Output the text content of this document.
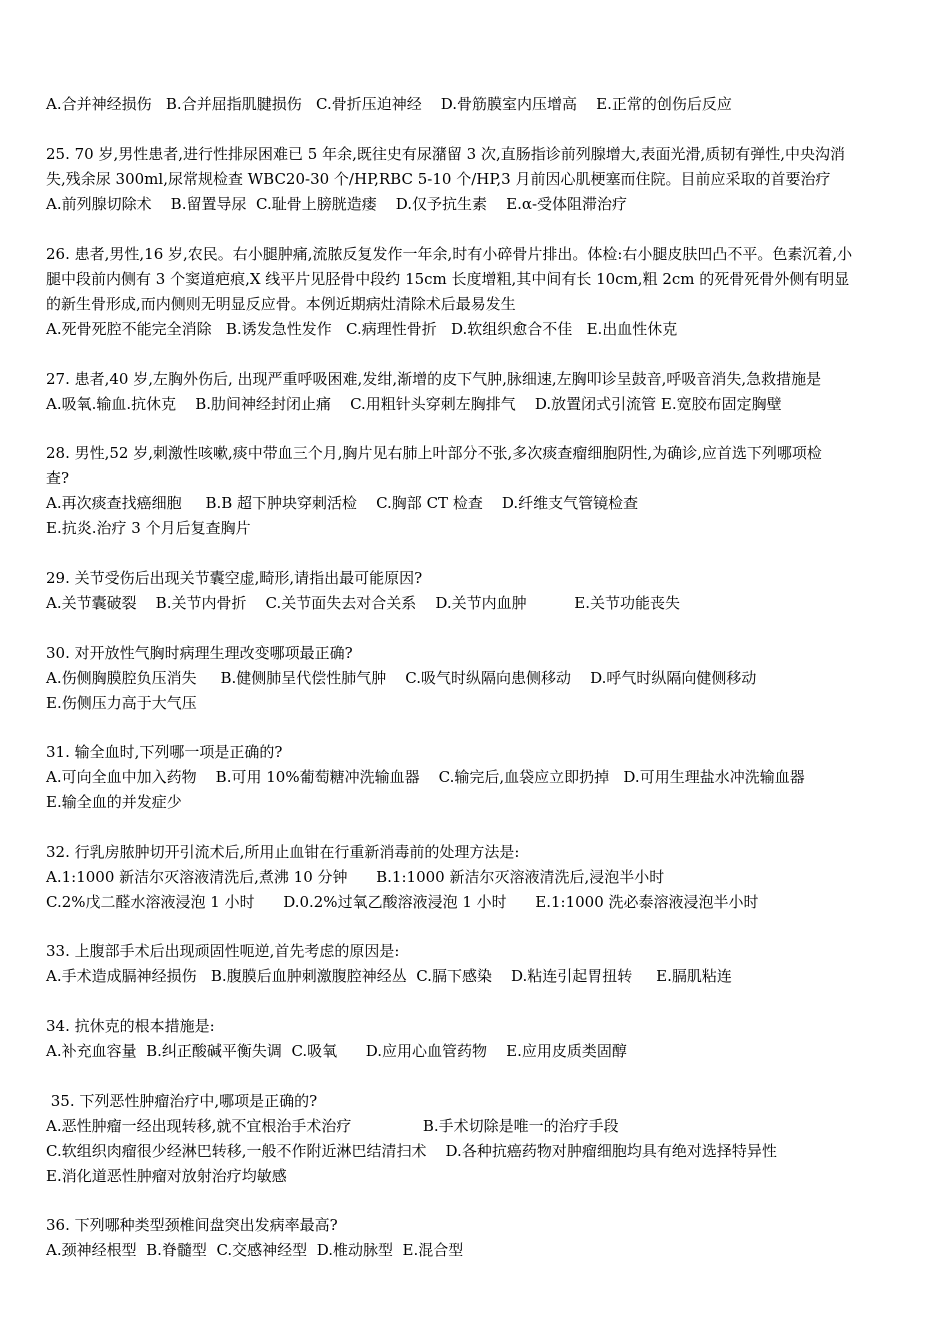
A.合并神经损伤   B.合并屈指肌腱损伤   C.骨折压迫神经    D.骨筋膜室内压增高    E.正常的创伤后反应
25. 70 岁,男性患者,进行性排尿困难已 5 年余,既往史有尿潴留 3 次,直肠指诊前列腺增大,表面光滑,质韧有弹性,中央沟消
失,残余尿 300ml,尿常规检查 WBC20-30 个/HP,RBC 5-10 个/HP,3 月前因心肌梗塞而住院。目前应采取的首要治疗
A.前列腺切除术    B.留置导尿  C.耻骨上膀胱造瘘    D.仅予抗生素    E.α-受体阻滞治疗
26. 患者,男性,16 岁,农民。右小腿肿痛,流脓反复发作一年余,时有小碎骨片排出。体检:右小腿皮肤凹凸不平。色素沉着,小
腿中段前内侧有 3 个窦道疤痕,X 线平片见胫骨中段约 15cm 长度增粗,其中间有长 10cm,粗 2cm 的死骨死骨外侧有明显
的新生骨形成,而内侧则无明显反应骨。本例近期病灶清除术后最易发生
A.死骨死腔不能完全消除   B.诱发急性发作   C.病理性骨折   D.软组织愈合不佳   E.出血性休克
27. 患者,40 岁,左胸外伤后, 出现严重呼吸困难,发绀,渐增的皮下气肿,脉细速,左胸叩诊呈鼓音,呼吸音消失,急救措施是
A.吸氧.输血.抗休克    B.肋间神经封闭止痛    C.用粗针头穿刺左胸排气    D.放置闭式引流管 E.宽胶布固定胸壁
28. 男性,52 岁,刺激性咳嗽,痰中带血三个月,胸片见右肺上叶部分不张,多次痰查瘤细胞阴性,为确诊,应首选下列哪项检
查?
A.再次痰查找癌细胞     B.B 超下肿块穿刺活检    C.胸部 CT 检查    D.纤维支气管镜检查
E.抗炎.治疗 3 个月后复查胸片
29. 关节受伤后出现关节囊空虚,畸形,请指出最可能原因?
A.关节囊破裂    B.关节内骨折    C.关节面失去对合关系    D.关节内血肿          E.关节功能丧失
30. 对开放性气胸时病理生理改变哪项最正确?
A.伤侧胸膜腔负压消失     B.健侧肺呈代偿性肺气肿    C.吸气时纵隔向患侧移动    D.呼气时纵隔向健侧移动
E.伤侧压力高于大气压
31. 输全血时,下列哪一项是正确的?
A.可向全血中加入药物    B.可用 10%葡萄糖冲洗输血器    C.输完后,血袋应立即扔掉   D.可用生理盐水冲洗输血器
E.输全血的并发症少
32. 行乳房脓肿切开引流术后,所用止血钳在行重新消毒前的处理方法是:
A.1:1000 新洁尔灭溶液清洗后,煮沸 10 分钟      B.1:1000 新洁尔灭溶液清洗后,浸泡半小时
C.2%戊二醛水溶液浸泡 1 小时      D.0.2%过氧乙酸溶液浸泡 1 小时      E.1:1000 洗必泰溶液浸泡半小时
33. 上腹部手术后出现顽固性呃逆,首先考虑的原因是:
A.手术造成膈神经损伤   B.腹膜后血肿刺激腹腔神经丛  C.膈下感染    D.粘连引起胃扭转     E.膈肌粘连
34. 抗休克的根本措施是:
A.补充血容量  B.纠正酸碱平衡失调  C.吸氧      D.应用心血管药物    E.应用皮质类固醇
35. 下列恶性肿瘤治疗中,哪项是正确的?
A.恶性肿瘤一经出现转移,就不宜根治手术治疗               B.手术切除是唯一的治疗手段
C.软组织肉瘤很少经淋巴转移,一般不作附近淋巴结清扫术    D.各种抗癌药物对肿瘤细胞均具有绝对选择特异性
E.消化道恶性肿瘤对放射治疗均敏感
36. 下列哪种类型颈椎间盘突出发病率最高?
A.颈神经根型  B.脊髓型  C.交感神经型  D.椎动脉型  E.混合型
